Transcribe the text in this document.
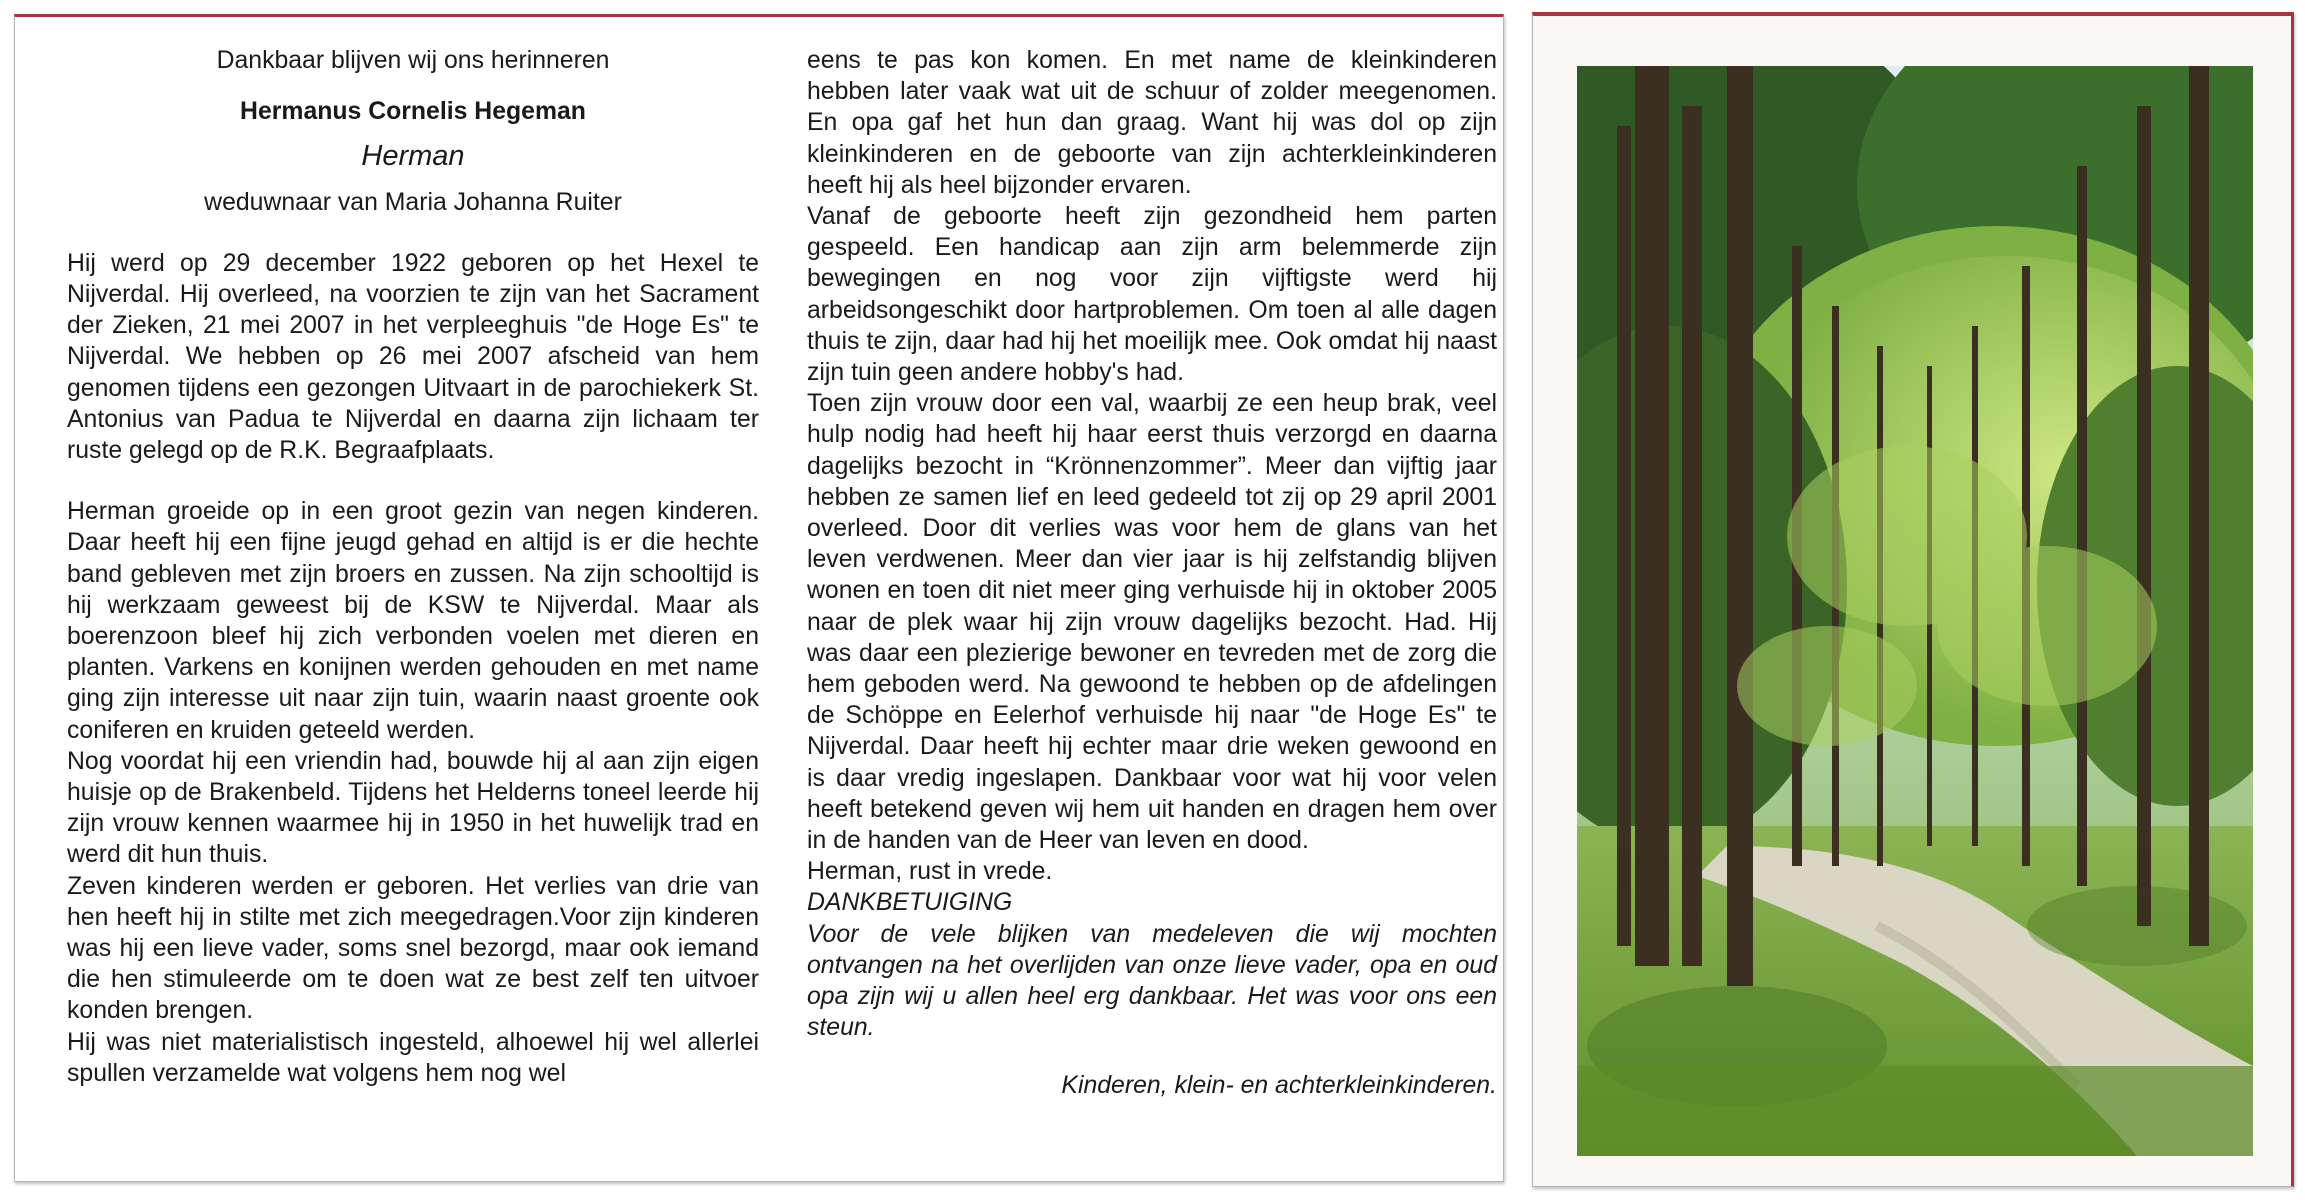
Dankbaar blijven wij ons herinneren

Hermanus Cornelis Hegeman

Herman

weduwnaar van Maria Johanna Ruiter

Hij werd op 29 december 1922 geboren op het Hexel te Nijverdal. Hij overleed, na voorzien te zijn van het Sacrament der Zieken, 21 mei 2007 in het verpleeghuis "de Hoge Es" te Nijverdal. We hebben op 26 mei 2007 afscheid van hem genomen tijdens een gezongen Uitvaart in de parochiekerk St. Antonius van Padua te Nijverdal en daarna zijn lichaam ter ruste gelegd op de R.K. Begraafplaats.

Herman groeide op in een groot gezin van negen kinderen. Daar heeft hij een fijne jeugd gehad en altijd is er die hechte band gebleven met zijn broers en zussen. Na zijn schooltijd is hij werkzaam geweest bij de KSW te Nijverdal. Maar als boerenzoon bleef hij zich verbonden voelen met dieren en planten. Varkens en konijnen werden gehouden en met name ging zijn interesse uit naar zijn tuin, waarin naast groente ook coniferen en kruiden geteeld werden.

Nog voordat hij een vriendin had, bouwde hij al aan zijn eigen huisje op de Brakenbeld. Tijdens het Helderns toneel leerde hij zijn vrouw kennen waarmee hij in 1950 in het huwelijk trad en werd dit hun thuis.

Zeven kinderen werden er geboren. Het verlies van drie van hen heeft hij in stilte met zich meegedragen.Voor zijn kinderen was hij een lieve vader, soms snel bezorgd, maar ook iemand die hen stimuleerde om te doen wat ze best zelf ten uitvoer konden brengen.

Hij was niet materialistisch ingesteld, alhoewel hij wel allerlei spullen verzamelde wat volgens hem nog wel

eens te pas kon komen. En met name de kleinkinderen hebben later vaak wat uit de schuur of zolder meegenomen. En opa gaf het hun dan graag. Want hij was dol op zijn kleinkinderen en de geboorte van zijn achterkleinkinderen heeft hij als heel bijzonder ervaren.

Vanaf de geboorte heeft zijn gezondheid hem parten gespeeld. Een handicap aan zijn arm belemmerde zijn bewegingen en nog voor zijn vijftigste werd hij arbeidsongeschikt door hartproblemen. Om toen al alle dagen thuis te zijn, daar had hij het moeilijk mee. Ook omdat hij naast zijn tuin geen andere hobby's had.

Toen zijn vrouw door een val, waarbij ze een heup brak, veel hulp nodig had heeft hij haar eerst thuis verzorgd en daarna dagelijks bezocht in “Krönnenzommer”. Meer dan vijftig jaar hebben ze samen lief en leed gedeeld tot zij op 29 april 2001 overleed. Door dit verlies was voor hem de glans van het leven verdwenen. Meer dan vier jaar is hij zelfstandig blijven wonen en toen dit niet meer ging verhuisde hij in oktober 2005 naar de plek waar hij zijn vrouw dagelijks bezocht. Had. Hij was daar een plezierige bewoner en tevreden met de zorg die hem geboden werd. Na gewoond te hebben op de afdelingen de Schöppe en Eelerhof verhuisde hij naar "de Hoge Es" te Nijverdal. Daar heeft hij echter maar drie weken gewoond en is daar vredig ingeslapen. Dankbaar voor wat hij voor velen heeft betekend geven wij hem uit handen en dragen hem over in de handen van de Heer van leven en dood.

Herman, rust in vrede.

DANKBETUIGING

Voor de vele blijken van medeleven die wij mochten ontvangen na het overlijden van onze lieve vader, opa en oud opa zijn wij u allen heel erg dankbaar. Het was voor ons een steun.

Kinderen, klein- en achterkleinkinderen.
